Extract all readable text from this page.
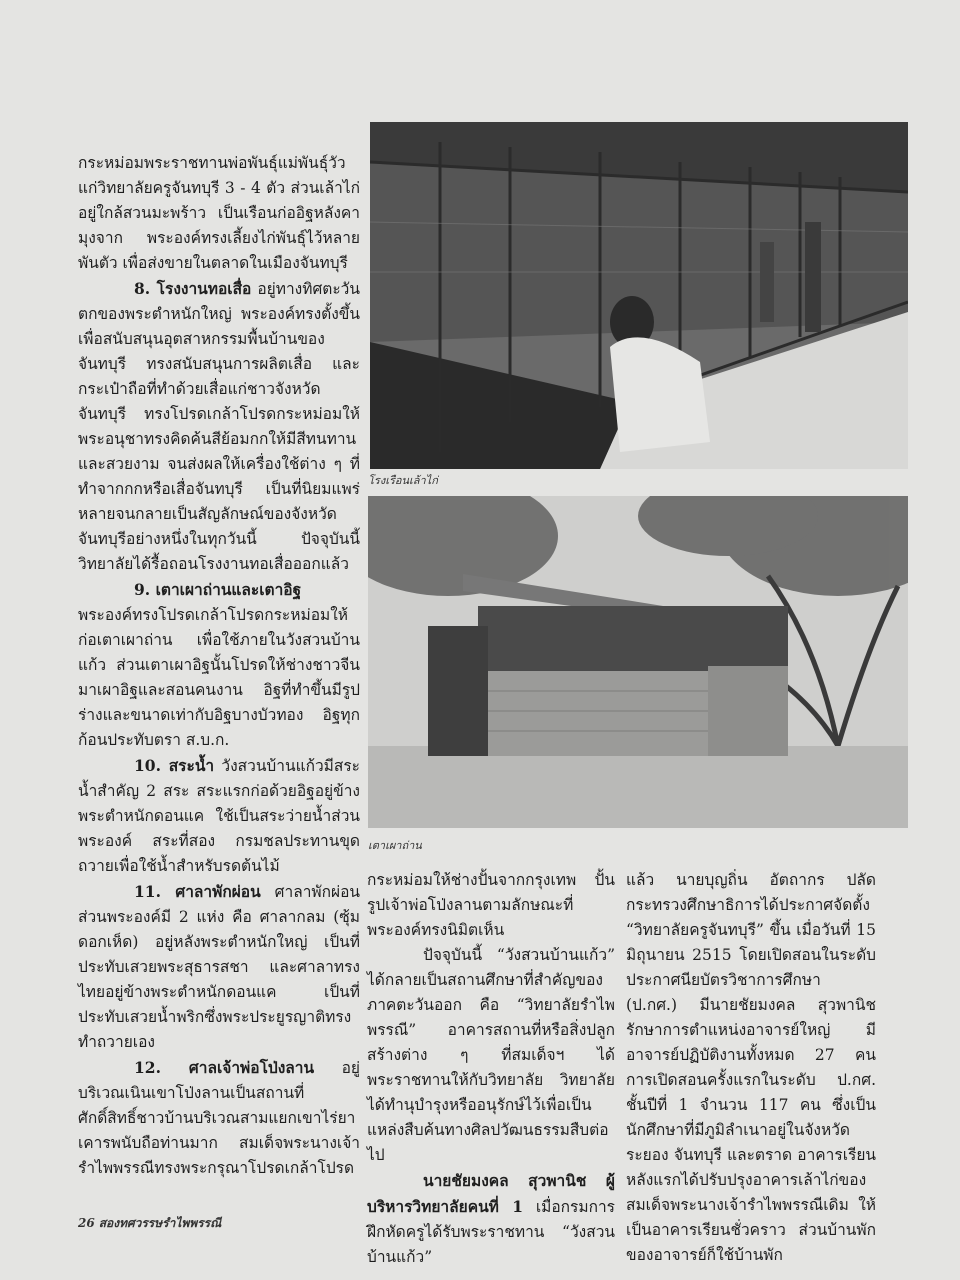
กระหม่อมพระราชทานพ่อพันธุ์แม่พันธุ์วัวแก่วิทยาลัยครูจันทบุรี 3 - 4 ตัว ส่วนเล้าไก่อยู่ใกล้สวนมะพร้าว เป็นเรือนก่ออิฐหลังคามุงจาก พระองค์ทรงเลี้ยงไก่พันธุ์ไว้หลายพันตัว เพื่อส่งขายในตลาดในเมืองจันทบุรี

8. โรงงานทอเสื่อ อยู่ทางทิศตะวันตกของพระตำหนักใหญ่ พระองค์ทรงตั้งขึ้นเพื่อสนับสนุนอุตสาหกรรมพื้นบ้านของจันทบุรี ทรงสนับสนุนการผลิตเสื่อ และกระเป๋าถือที่ทำด้วยเสื่อแก่ชาวจังหวัดจันทบุรี ทรงโปรดเกล้าโปรดกระหม่อมให้พระอนุชาทรงคิดค้นสีย้อมกกให้มีสีทนทานและสวยงาม จนส่งผลให้เครื่องใช้ต่าง ๆ ที่ทำจากกกหรือเสื่อจันทบุรี เป็นที่นิยมแพร่หลายจนกลายเป็นสัญลักษณ์ของจังหวัดจันทบุรีอย่างหนึ่งในทุกวันนี้ ปัจจุบันนี้วิทยาลัยได้รื้อถอนโรงงานทอเสื่อออกแล้ว

9. เตาเผาถ่านและเตาอิฐ

พระองค์ทรงโปรดเกล้าโปรดกระหม่อมให้ก่อเตาเผาถ่าน เพื่อใช้ภายในวังสวนบ้านแก้ว ส่วนเตาเผาอิฐนั้นโปรดให้ช่างชาวจีนมาเผาอิฐและสอนคนงาน อิฐที่ทำขึ้นมีรูปร่างและขนาดเท่ากับอิฐบางบัวทอง อิฐทุกก้อนประทับตรา ส.บ.ก.

10. สระน้ำ วังสวนบ้านแก้วมีสระน้ำสำคัญ 2 สระ สระแรกก่อด้วยอิฐอยู่ข้างพระตำหนักดอนแค ใช้เป็นสระว่ายน้ำส่วนพระองค์ สระที่สอง กรมชลประทานขุดถวายเพื่อใช้น้ำสำหรับรดต้นไม้

11. ศาลาพักผ่อน ศาลาพักผ่อนส่วนพระองค์มี 2 แห่ง คือ ศาลากลม (ซุ้มดอกเห็ด) อยู่หลังพระตำหนักใหญ่ เป็นที่ประทับเสวยพระสุธารสชา และศาลาทรงไทยอยู่ข้างพระตำหนักดอนแค เป็นที่ประทับเสวยน้ำพริกซึ่งพระประยูรญาติทรงทำถวายเอง

12. ศาลเจ้าพ่อโป่งลาน อยู่บริเวณเนินเขาโป่งลานเป็นสถานที่ศักดิ์สิทธิ์ชาวบ้านบริเวณสามแยกเขาไร่ยาเคารพนับถือท่านมาก สมเด็จพระนางเจ้ารำไพพรรณีทรงพระกรุณาโปรดเกล้าโปรด

โรงเรือนเล้าไก่
เตาเผาถ่าน

กระหม่อมให้ช่างปั้นจากกรุงเทพ ปั้นรูปเจ้าพ่อโป่งลานตามลักษณะที่พระองค์ทรงนิมิตเห็น

ปัจจุบันนี้ “วังสวนบ้านแก้ว” ได้กลายเป็นสถานศึกษาที่สำคัญของภาคตะวันออก คือ “วิทยาลัยรำไพพรรณี” อาคารสถานที่หรือสิ่งปลูกสร้างต่าง ๆ ที่สมเด็จฯ ได้พระราชทานให้กับวิทยาลัย วิทยาลัยได้ทำนุบำรุงหรืออนุรักษ์ไว้เพื่อเป็นแหล่งสืบค้นทางศิลปวัฒนธรรมสืบต่อไป

นายชัยมงคล สุวพานิช ผู้บริหารวิทยาลัยคนที่ 1 เมื่อกรมการฝึกหัดครูได้รับพระราชทาน “วังสวนบ้านแก้ว”

แล้ว นายบุญถิ่น อัตถากร ปลัดกระทรวงศึกษาธิการได้ประกาศจัดตั้ง “วิทยาลัยครูจันทบุรี” ขึ้น เมื่อวันที่ 15 มิถุนายน 2515 โดยเปิดสอนในระดับประกาศนียบัตรวิชาการศึกษา (ป.กศ.) มีนายชัยมงคล สุวพานิช รักษาการตำแหน่งอาจารย์ใหญ่ มีอาจารย์ปฏิบัติงานทั้งหมด 27 คน การเปิดสอนครั้งแรกในระดับ ป.กศ. ชั้นปีที่ 1 จำนวน 117 คน ซึ่งเป็นนักศึกษาที่มีภูมิลำเนาอยู่ในจังหวัดระยอง จันทบุรี และตราด อาคารเรียนหลังแรกได้ปรับปรุงอาคารเล้าไก่ของสมเด็จพระนางเจ้ารำไพพรรณีเดิม ให้เป็นอาคารเรียนชั่วคราว ส่วนบ้านพักของอาจารย์ก็ใช้บ้านพัก

26 สองทศวรรษรำไพพรรณี
